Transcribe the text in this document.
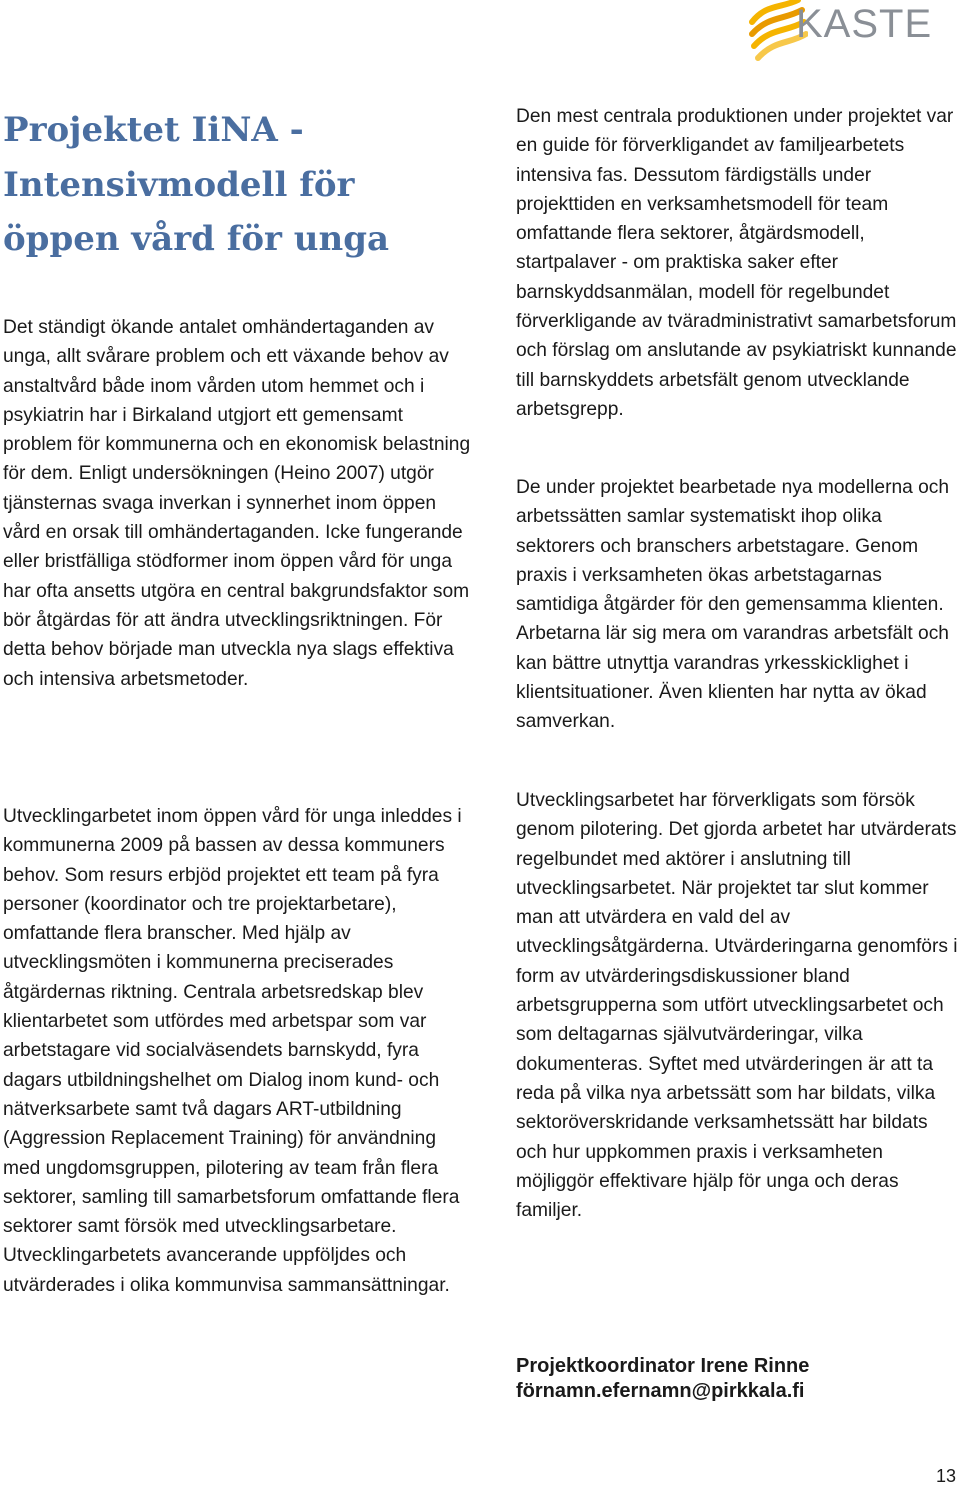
KASTE
Projektet IiNA - Intensivmodell för öppen vård för unga

Det ständigt ökande antalet omhändertaganden av unga, allt svårare problem och ett växande behov av anstaltvård både inom vården utom hemmet och i psykiatrin har i Birkaland utgjort ett gemensamt problem för kommunerna och en ekonomisk belastning för dem. Enligt undersökningen (Heino 2007) utgör tjänsternas svaga inverkan i synnerhet inom öppen vård en orsak till omhändertaganden. Icke fungerande eller bristfälliga stödformer inom öppen vård för unga har ofta ansetts utgöra en central bakgrundsfaktor som bör åtgärdas för att ändra utvecklingsriktningen. För detta behov började man utveckla nya slags effektiva och intensiva arbetsmetoder.

Utvecklingarbetet inom öppen vård för unga inleddes i kommunerna 2009 på bassen av dessa kommuners behov. Som resurs erbjöd projektet ett team på fyra personer (koordinator och tre projektarbetare), omfattande flera branscher. Med hjälp av utvecklingsmöten i kommunerna preciserades åtgärdernas riktning. Centrala arbetsredskap blev klientarbetet som utfördes med arbetspar som var arbetstagare vid socialväsendets barnskydd, fyra dagars utbildningshelhet om Dialog inom kund- och nätverksarbete samt två dagars ART-utbildning (Aggression Replacement Training) för användning med ungdomsgruppen, pilotering av team från flera sektorer, samling till samarbetsforum omfattande flera sektorer samt försök med utvecklingsarbetare. Utvecklingarbetets avancerande uppföljdes och utvärderades i olika kommunvisa sammansättningar.

Den mest centrala produktionen under projektet var en guide för förverkligandet av familjearbetets intensiva fas. Dessutom färdigställs under projekttiden en verksamhetsmodell för team omfattande flera sektorer, åtgärdsmodell, startpalaver - om praktiska saker efter barnskyddsanmälan, modell för regelbundet förverkligande av tväradministrativt samarbetsforum och förslag om anslutande av psykiatriskt kunnande till barnskyddets arbetsfält genom utvecklande arbetsgrepp.

De under projektet bearbetade nya modellerna och arbetssätten samlar systematiskt ihop olika sektorers och branschers arbetstagare. Genom praxis i verksamheten ökas arbetstagarnas samtidiga åtgärder för den gemensamma klienten. Arbetarna lär sig mera om varandras arbetsfält och kan bättre utnyttja varandras yrkesskicklighet i klientsituationer. Även klienten har nytta av ökad samverkan.

Utvecklingsarbetet har förverkligats som försök genom pilotering. Det gjorda arbetet har utvärderats regelbundet med aktörer i anslutning till utvecklingsarbetet. När projektet tar slut kommer man att utvärdera en vald del av utvecklingsåtgärderna. Utvärderingarna genomförs i form av utvärderingsdiskussioner bland arbetsgrupperna som utfört utvecklingsarbetet och som deltagarnas självutvärderingar, vilka dokumenteras. Syftet med utvärderingen är att ta reda på vilka nya arbetssätt som har bildats, vilka sektoröverskridande verksamhetssätt har bildats och hur uppkommen praxis i verksamheten möjliggör effektivare hjälp för unga och deras familjer.

Projektkoordinator Irene Rinne
förnamn.efernamn@pirkkala.fi
13
